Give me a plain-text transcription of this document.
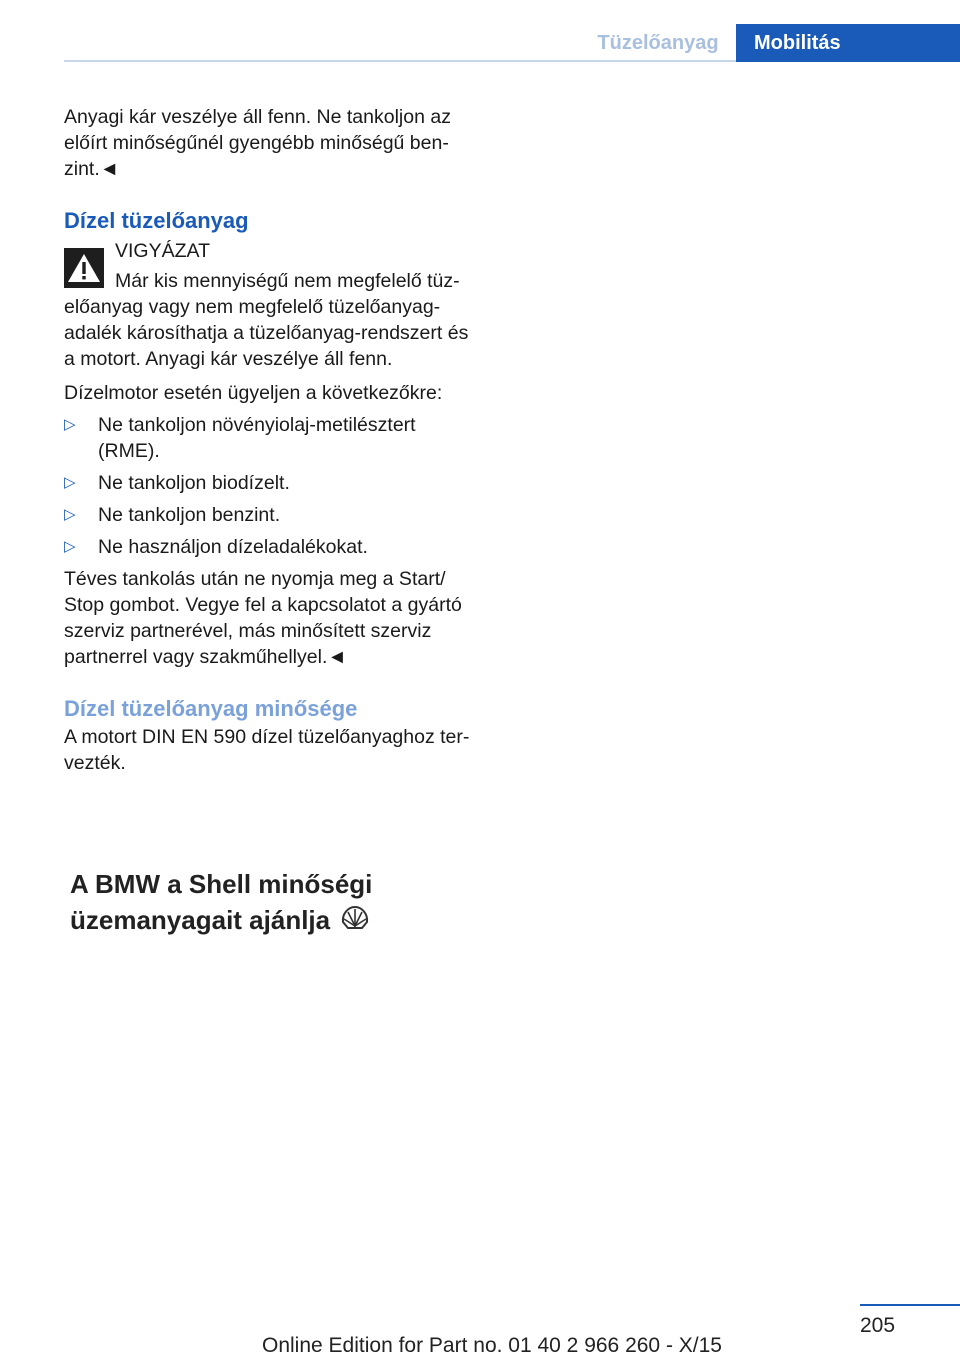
Tüzelőanyag	Mobilitás

Anyagi kár veszélye áll fenn. Ne tankoljon az előírt minőségűnél gyengébb minőségű ben-zint.◄

Dízel tüzelőanyag
VIGYÁZAT

Már kis mennyiségű nem megfelelő tüz-előanyag vagy nem megfelelő tüzelőanyag-adalék károsíthatja a tüzelőanyag-rendszert és a motort. Anyagi kár veszélye áll fenn.

Dízelmotor esetén ügyeljen a következőkre:

▷ Ne tankoljon növényiolaj-metilésztert (RME).
▷ Ne tankoljon biodízelt.
▷ Ne tankoljon benzint.
▷ Ne használjon dízeladalékokat.

Téves tankolás után ne nyomja meg a Start/ Stop gombot. Vegye fel a kapcsolatot a gyártó szerviz partnerével, más minősített szerviz partnerrel vagy szakműhellyel.◄

Dízel tüzelőanyag minősége

A motort DIN EN 590 dízel tüzelőanyaghoz ter-vezték.

A BMW a Shell minőségi
üzemanyagait ajánlja
205
Online Edition for Part no. 01 40 2 966 260 - X/15
